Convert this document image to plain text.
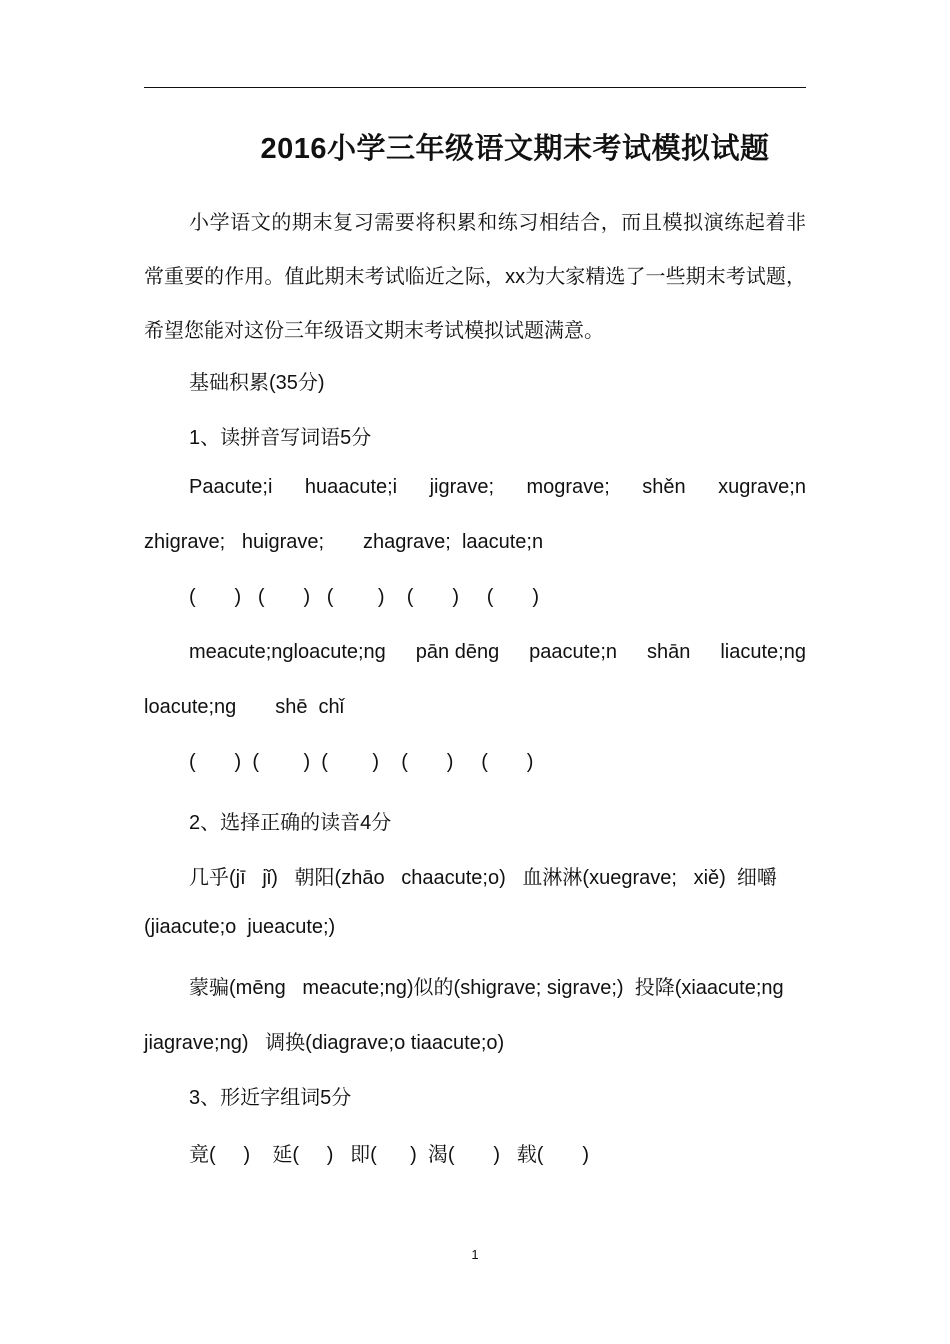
2016小学三年级语文期末考试模拟试题
小学语文的期末复习需要将积累和练习相结合，而且模拟演练起着非常重要的作用。值此期末考试临近之际，xx为大家精选了一些期末考试题，希望您能对这份三年级语文期末考试模拟试题满意。
基础积累(35分)
1、读拼音写词语5分
Paacute;i huaacute;i jigrave; mograve; shěn xugrave;n
zhigrave;   huigrave;       zhagrave;  laacute;n
(       )   (       )   (        )    (       )     (       )
meacute;ngloacute;ng pān dēng paacute;n shān liacute;ng
loacute;ng       shē  chǐ
(       )  (        )  (        )    (       )     (       )
2、选择正确的读音4分
几乎(jī   jǐ)   朝阳(zhāo   chaacute;o)   血淋淋(xuegrave;   xiě)  细嚼
(jiaacute;o  jueacute;)
蒙骗(mēng   meacute;ng)似的(shigrave; sigrave;)  投降(xiaacute;ng
jiagrave;ng)   调换(diagrave;o tiaacute;o)
3、形近字组词5分
竟(     )    延(     )   即(      )  渴(       )   载(       )
1
